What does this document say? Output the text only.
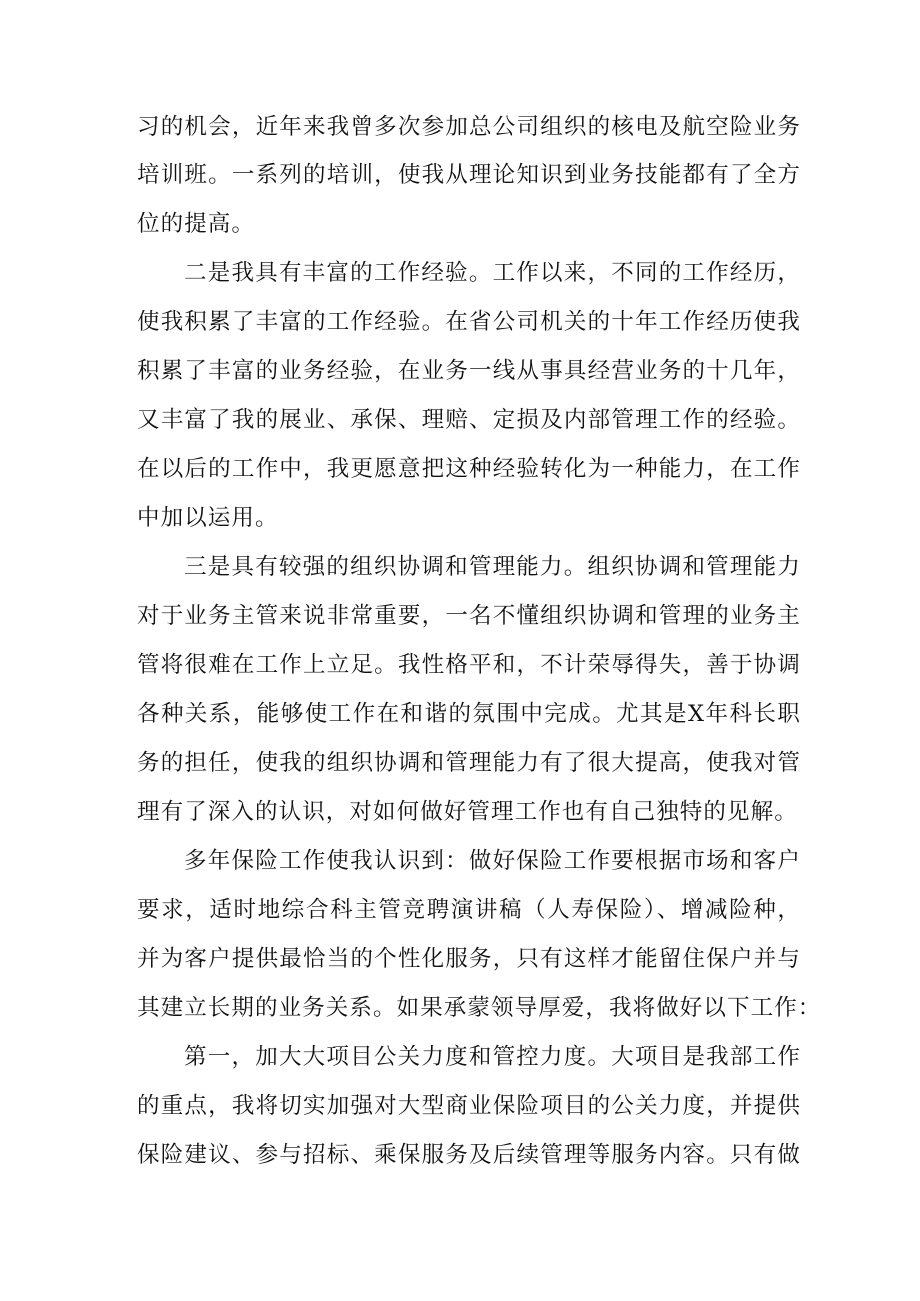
习的机会，近年来我曾多次参加总公司组织的核电及航空险业务
培训班。一系列的培训，使我从理论知识到业务技能都有了全方
位的提高。
二是我具有丰富的工作经验。工作以来，不同的工作经历，
使我积累了丰富的工作经验。在省公司机关的十年工作经历使我
积累了丰富的业务经验，在业务一线从事具经营业务的十几年，
又丰富了我的展业、承保、理赔、定损及内部管理工作的经验。
在以后的工作中，我更愿意把这种经验转化为一种能力，在工作
中加以运用。
三是具有较强的组织协调和管理能力。组织协调和管理能力
对于业务主管来说非常重要，一名不懂组织协调和管理的业务主
管将很难在工作上立足。我性格平和，不计荣辱得失，善于协调
各种关系，能够使工作在和谐的氛围中完成。尤其是X年科长职
务的担任，使我的组织协调和管理能力有了很大提高，使我对管
理有了深入的认识，对如何做好管理工作也有自己独特的见解。
多年保险工作使我认识到：做好保险工作要根据市场和客户
要求，适时地综合科主管竞聘演讲稿（人寿保险）、增减险种，
并为客户提供最恰当的个性化服务，只有这样才能留住保户并与
其建立长期的业务关系。如果承蒙领导厚爱，我将做好以下工作：
第一，加大大项目公关力度和管控力度。大项目是我部工作
的重点，我将切实加强对大型商业保险项目的公关力度，并提供
保险建议、参与招标、乘保服务及后续管理等服务内容。只有做
